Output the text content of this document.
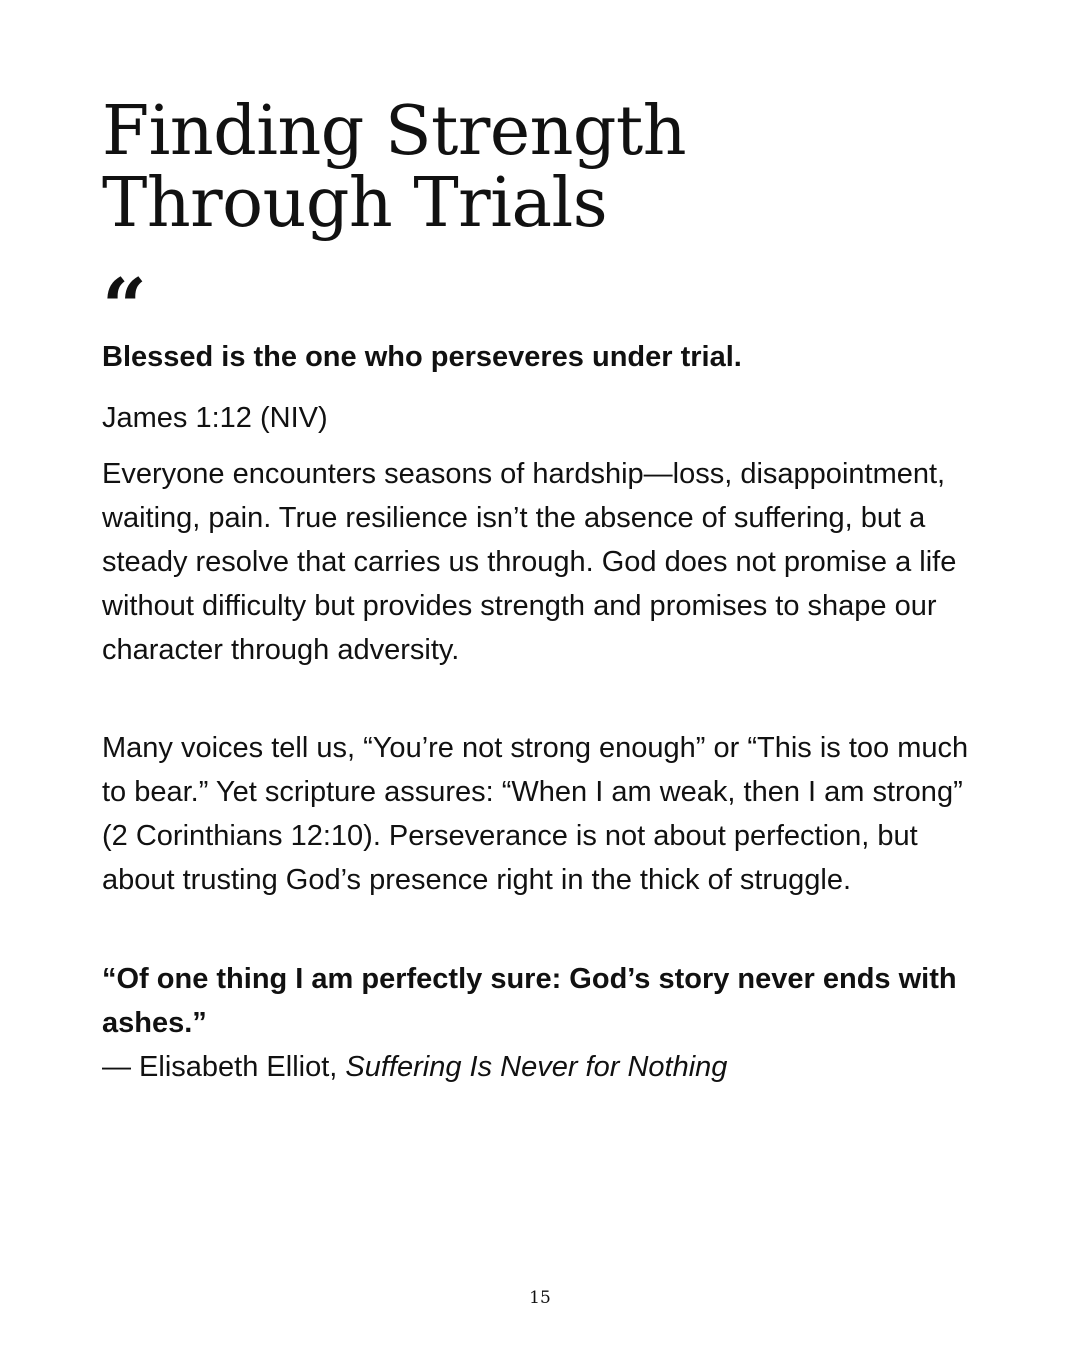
Finding Strength
Through Trials
“

Blessed is the one who perseveres under trial.

James 1:12 (NIV)

Everyone encounters seasons of hardship—loss, disappointment, waiting, pain. True resilience isn’t the absence of suffering, but a steady resolve that carries us through. God does not promise a life without difficulty but provides strength and promises to shape our character through adversity.

Many voices tell us, “You’re not strong enough” or “This is too much to bear.” Yet scripture assures: “When I am weak, then I am strong” (2 Corinthians 12:10). Perseverance is not about perfection, but about trusting God’s presence right in the thick of struggle.

“Of one thing I am perfectly sure: God’s story never ends with ashes.”

— Elisabeth Elliot, Suffering Is Never for Nothing

15
